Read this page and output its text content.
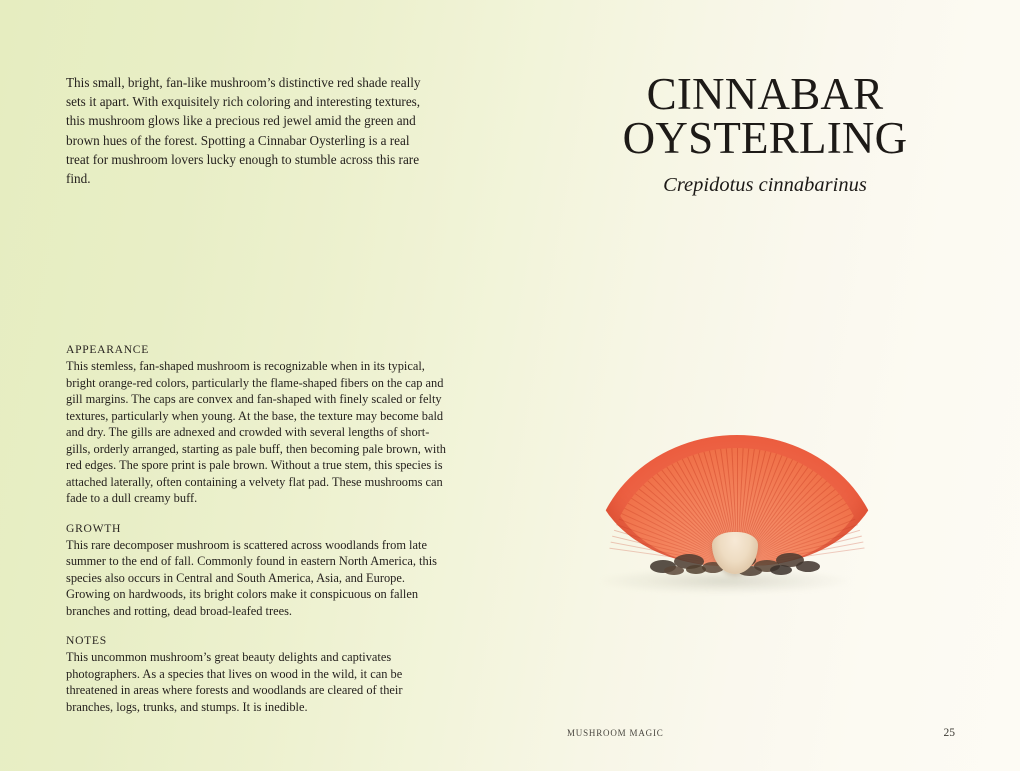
This small, bright, fan-like mushroom’s distinctive red shade really sets it apart. With exquisitely rich coloring and interesting textures, this mushroom glows like a precious red jewel amid the green and brown hues of the forest. Spotting a Cinnabar Oysterling is a real treat for mushroom lovers lucky enough to stumble across this rare find.

APPEARANCE

This stemless, fan-shaped mushroom is recognizable when in its typical, bright orange-red colors, particularly the flame-shaped fibers on the cap and gill margins. The caps are convex and fan-shaped with finely scaled or felty textures, particularly when young. At the base, the texture may become bald and dry. The gills are adnexed and crowded with several lengths of short-gills, orderly arranged, starting as pale buff, then becoming pale brown, with red edges. The spore print is pale brown. Without a true stem, this species is attached laterally, often containing a velvety flat pad. These mushrooms can fade to a dull creamy buff.

GROWTH

This rare decomposer mushroom is scattered across woodlands from late summer to the end of fall. Commonly found in eastern North America, this species also occurs in Central and South America, Asia, and Europe. Growing on hardwoods, its bright colors make it conspicuous on fallen branches and rotting, dead broad-leafed trees.

NOTES

This uncommon mushroom’s great beauty delights and captivates photographers. As a species that lives on wood in the wild, it can be threatened in areas where forests and woodlands are cleared of their branches, logs, trunks, and stumps. It is inedible.

CINNABAR
OYSTERLING

Crepidotus cinnabarinus

MUSHROOM MAGIC	25
